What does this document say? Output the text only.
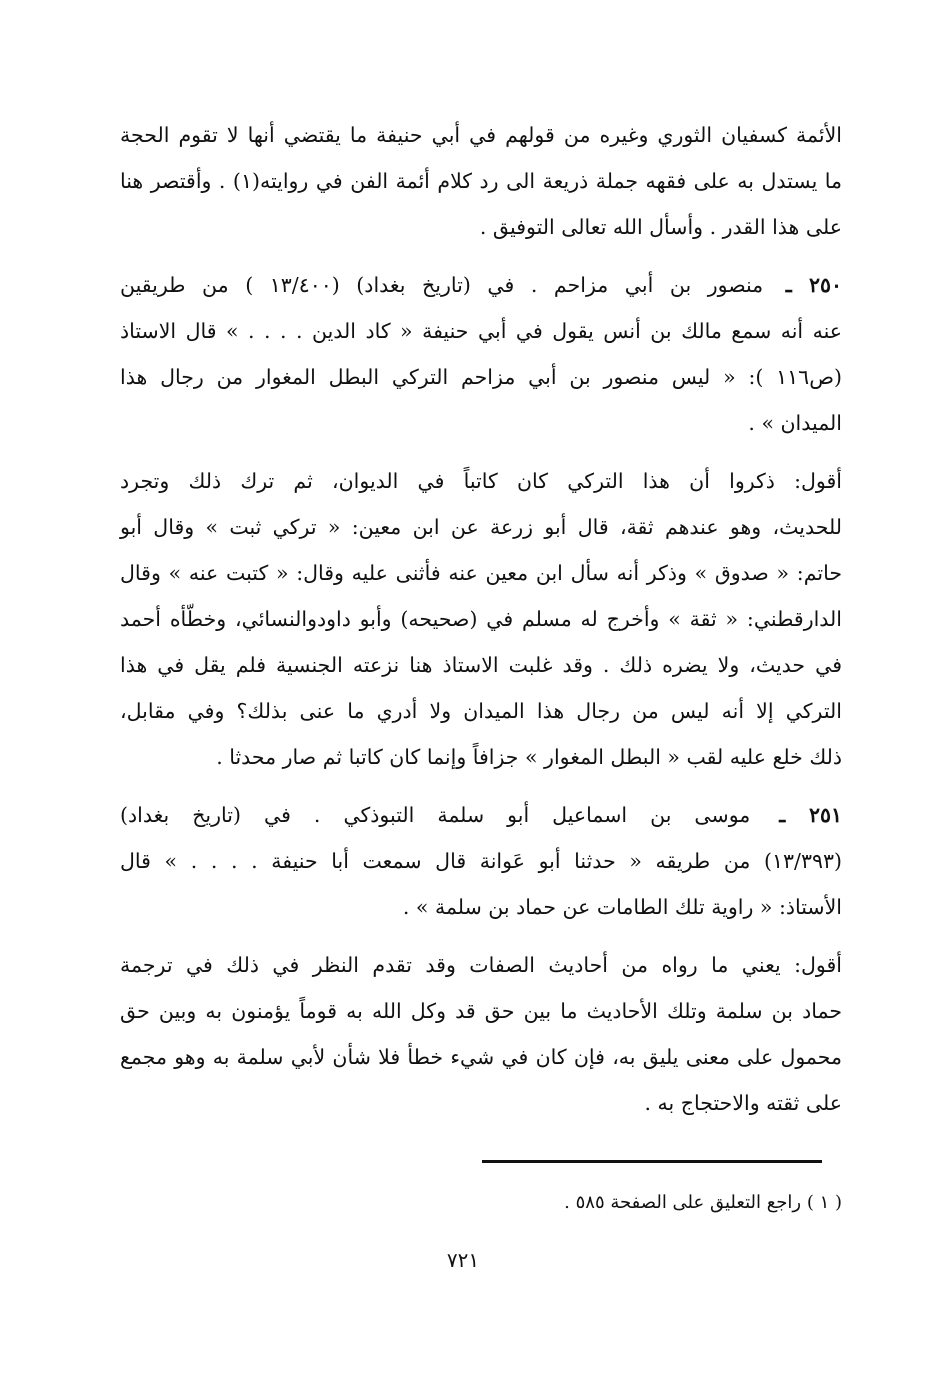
الأئمة كسفيان الثوري وغيره من قولهم في أبي حنيفة ما يقتضي أنها لا تقوم الحجة
ما يستدل به على فقهه جملة ذريعة الى رد كلام أئمة الفن في روايته(١) . وأقتصر هنا
على هذا القدر . وأسأل الله تعالى التوفيق .
٢٥٠ ـ منصور بن أبي مزاحم . في (تاريخ بغداد) (١٣/٤٠٠ ) من طريقين
عنه أنه سمع مالك بن أنس يقول في أبي حنيفة « كاد الدين . . . . » قال الاستاذ
(ص١١٦ ): « ليس منصور بن أبي مزاحم التركي البطل المغوار من رجال هذا
الميدان » .
أقول: ذكروا أن هذا التركي كان كاتباً في الديوان، ثم ترك ذلك وتجرد
للحديث، وهو عندهم ثقة، قال أبو زرعة عن ابن معين: « تركي ثبت » وقال أبو
حاتم: « صدوق » وذكر أنه سأل ابن معين عنه فأثنى عليه وقال: « كتبت عنه » وقال
الدارقطني: « ثقة » وأخرج له مسلم في (صحيحه) وأبو داودوالنسائي، وخطّأه أحمد
في حديث، ولا يضره ذلك . وقد غلبت الاستاذ هنا نزعته الجنسية فلم يقل في هذا
التركي إلا أنه ليس من رجال هذا الميدان ولا أدري ما عنى بذلك؟ وفي مقابل،
ذلك خلع عليه لقب « البطل المغوار » جزافاً وإنما كان كاتبا ثم صار محدثا .
٢٥١ ـ موسى بن اسماعيل أبو سلمة التبوذكي . في (تاريخ بغداد)
(١٣/٣٩٣) من طريقه « حدثنا أبو عَوانة قال سمعت أبا حنيفة . . . . » قال
الأستاذ: « راوية تلك الطامات عن حماد بن سلمة » .
أقول: يعني ما رواه من أحاديث الصفات وقد تقدم النظر في ذلك في ترجمة
حماد بن سلمة وتلك الأحاديث ما بين حق قد وكل الله به قوماً يؤمنون به وبين حق
محمول على معنى يليق به، فإن كان في شيء خطأ فلا شأن لأبي سلمة به وهو مجمع
على ثقته والاحتجاج به .
( ١ ) راجع التعليق على الصفحة ٥٨٥ .
٧٢١
